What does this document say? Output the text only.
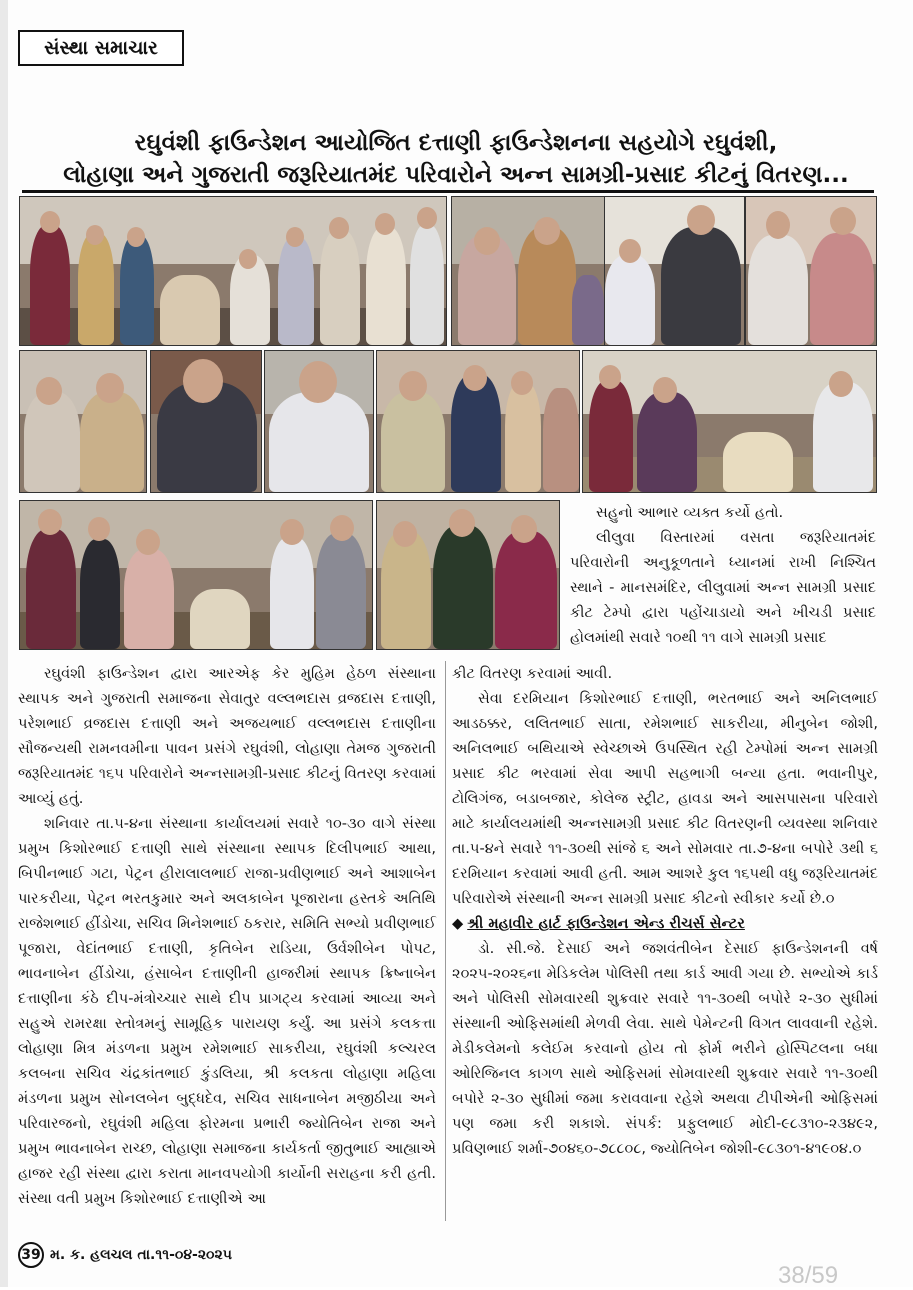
સંસ્થા સમાચાર
રઘુવંશી ફાઉન્ડેશન આયોજિત દત્તાણી ફાઉન્ડેશનના સહયોગે રઘુવંશી,
લોહાણા અને ગુજરાતી જરૂરિયાતમંદ પરિવારોને અન્ન સામગ્રી-પ્રસાદ કીટનું વિતરણ...

સહુનો આભાર વ્યક્ત કર્યો હતો.

લીલુવા વિસ્તારમાં વસતા જરૂરિયાતમંદ પરિવારોની અનુકૂળતાને ધ્યાનમાં રાખી નિશ્ચિત સ્થાને - માનસમંદિર, લીલુવામાં અન્ન સામગ્રી પ્રસાદ કીટ ટેમ્પો દ્વારા પહોંચાડાયો અને ખીચડી પ્રસાદ હોલમાંથી સવારે ૧૦થી ૧૧ વાગે સામગ્રી પ્રસાદ

રઘુવંશી ફાઉન્ડેશન દ્વારા આરએફ કેર મુહિમ હેઠળ સંસ્થાના સ્થાપક અને ગુજરાતી સમાજના સેવાતુર વલ્લભદાસ વ્રજદાસ દત્તાણી, પરેશભાઈ વ્રજદાસ દત્તાણી અને અજયભાઈ વલ્લભદાસ દત્તાણીના સૌજન્યથી રામનવમીના પાવન પ્રસંગે રઘુવંશી, લોહાણા તેમજ ગુજરાતી જરૂરિયાતમંદ ૧૬૫ પરિવારોને અન્નસામગ્રી-પ્રસાદ કીટનું વિતરણ કરવામાં આવ્યું હતું.

શનિવાર તા.૫-૪ના સંસ્થાના કાર્યાલયમાં સવારે ૧૦-૩૦ વાગે સંસ્થા પ્રમુખ કિશોરભાઈ દત્તાણી સાથે સંસ્થાના સ્થાપક દિલીપભાઈ આથા, બિપીનભાઈ ગટા, પેટ્રન હીરાલાલભાઈ રાજા-પ્રવીણભાઈ અને આશાબેન પારકરીયા, પેટ્રન ભરતકુમાર અને અલકાબેન પૂજારાના હસ્તકે અતિથિ રાજેશભાઈ હીંડોચા, સચિવ મિનેશભાઈ ઠકરાર, સમિતિ સભ્યો પ્રવીણભાઈ પૂજારા, વેદાંતભાઈ દત્તાણી, કૃતિબેન રાડિયા, ઉર્વશીબેન પોપટ, ભાવનાબેન હીંડોચા, હંસાબેન દત્તાણીની હાજરીમાં સ્થાપક ક્રિષ્નાબેન દત્તાણીના કંઠે દીપ-મંત્રોચ્ચાર સાથે દીપ પ્રાગટ્ય કરવામાં આવ્યા અને સહુએ રામરક્ષા સ્તોત્રમનું સામૂહિક પારાયણ કર્યું. આ પ્રસંગે કલકત્તા લોહાણા મિત્ર મંડળના પ્રમુખ રમેશભાઈ સાકરીયા, રઘુવંશી કલ્ચરલ કલબના સચિવ ચંદ્રકાંતભાઈ કુંડલિયા, શ્રી કલકતા લોહાણા મહિલા મંડળના પ્રમુખ સોનલબેન બુદ્ધદેવ, સચિવ સાધનાબેન મજીઠીયા અને પરિવારજનો, રઘુવંશી મહિલા ફોરમના પ્રભારી જ્યોતિબેન રાજા અને પ્રમુખ ભાવનાબેન રાચ્છ, લોહાણા સમાજના કાર્યકર્તા જીતુભાઈ આહ્યાએ હાજર રહી સંસ્થા દ્વારા કરાતા માનવપયોગી કાર્યોની સરાહના કરી હતી. સંસ્થા વતી પ્રમુખ કિશોરભાઈ દત્તાણીએ આ

કીટ વિતરણ કરવામાં આવી.

સેવા દરમિયાન કિશોરભાઈ દત્તાણી, ભરતભાઈ અને અનિલભાઈ આડઠક્કર, લલિતભાઈ સાતા, રમેશભાઈ સાકરીયા, મીનુબેન જોશી, અનિલભાઈ બથિયાએ સ્વેચ્છાએ ઉપસ્થિત રહી ટેમ્પોમાં અન્ન સામગ્રી પ્રસાદ કીટ ભરવામાં સેવા આપી સહભાગી બન્યા હતા. ભવાનીપુર, ટોલિગંજ, બડાબજાર, કોલેજ સ્ટ્રીટ, હાવડા અને આસપાસના પરિવારો માટે કાર્યાલયમાંથી અન્નસામગ્રી પ્રસાદ કીટ વિતરણની વ્યવસ્થા શનિવાર તા.૫-૪ને સવારે ૧૧-૩૦થી સાંજે ૬ અને સોમવાર તા.૭-૪ના બપોરે ૩થી ૬ દરમિયાન કરવામાં આવી હતી. આમ આશરે કુલ ૧૬૫થી વધુ જરૂરિયાતમંદ પરિવારોએ સંસ્થાની અન્ન સામગ્રી પ્રસાદ કીટનો સ્વીકાર કર્યો છે.૦

◆ શ્રી મહાવીર હાર્ટ ફાઉન્ડેશન એન્ડ રીચર્સ સેન્ટર

ડો. સી.જે. દેસાઈ અને જશવંતીબેન દેસાઈ ફાઉન્ડેશનની વર્ષ ૨૦૨૫-૨૦૨૬ના મેડિકલેમ પોલિસી તથા કાર્ડ આવી ગયા છે. સભ્યોએ કાર્ડ અને પોલિસી સોમવારથી શુક્રવાર સવારે ૧૧-૩૦થી બપોરે ૨-૩૦ સુધીમાં સંસ્થાની ઓફિસમાંથી મેળવી લેવા. સાથે પેમેન્ટની વિગત લાવવાની રહેશે. મેડીકલેમનો કલેઈમ કરવાનો હોય તો ફોર્મ ભરીને હોસ્પિટલના બધા ઓરિજિનલ કાગળ સાથે ઓફિસમાં સોમવારથી શુક્રવાર સવારે ૧૧-૩૦થી બપોરે ૨-૩૦ સુધીમાં જમા કરાવવાના રહેશે અથવા ટીપીએની ઓફિસમાં પણ જમા કરી શકાશે. સંપર્ક: પ્રફુલભાઈ મોદી-૯૮૩૧૦-૨૩૪૯૨, પ્રવિણભાઈ શર્મા-૭૦૪૬૦-૭૮૮૦૮, જ્યોતિબેન જોશી-૯૮૩૦૧-૪૧૯૦૪.૦

39 મ. ક. હલચલ તા.૧૧-૦૪-૨૦૨૫
38/59
